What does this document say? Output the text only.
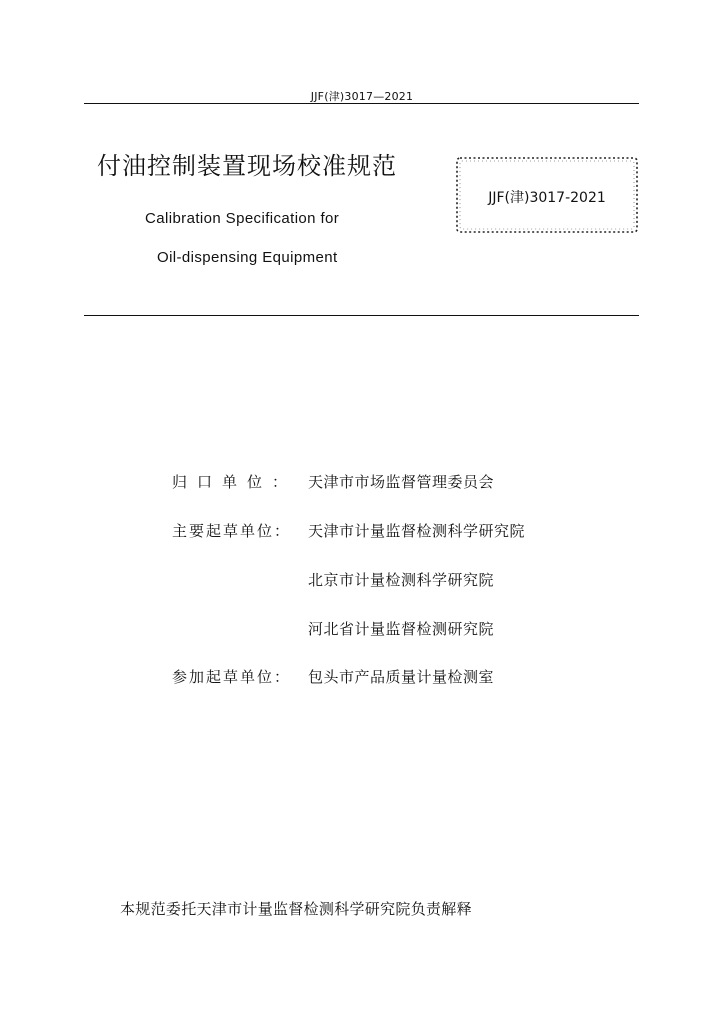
JJF(津)3017—2021
付油控制装置现场校准规范
Calibration Specification for
Oil-dispensing Equipment
JJF(津)3017-2021
归口单位： 天津市市场监督管理委员会
主要起草单位： 天津市计量监督检测科学研究院
北京市计量检测科学研究院
河北省计量监督检测研究院
参加起草单位： 包头市产品质量计量检测室
本规范委托天津市计量监督检测科学研究院负责解释
